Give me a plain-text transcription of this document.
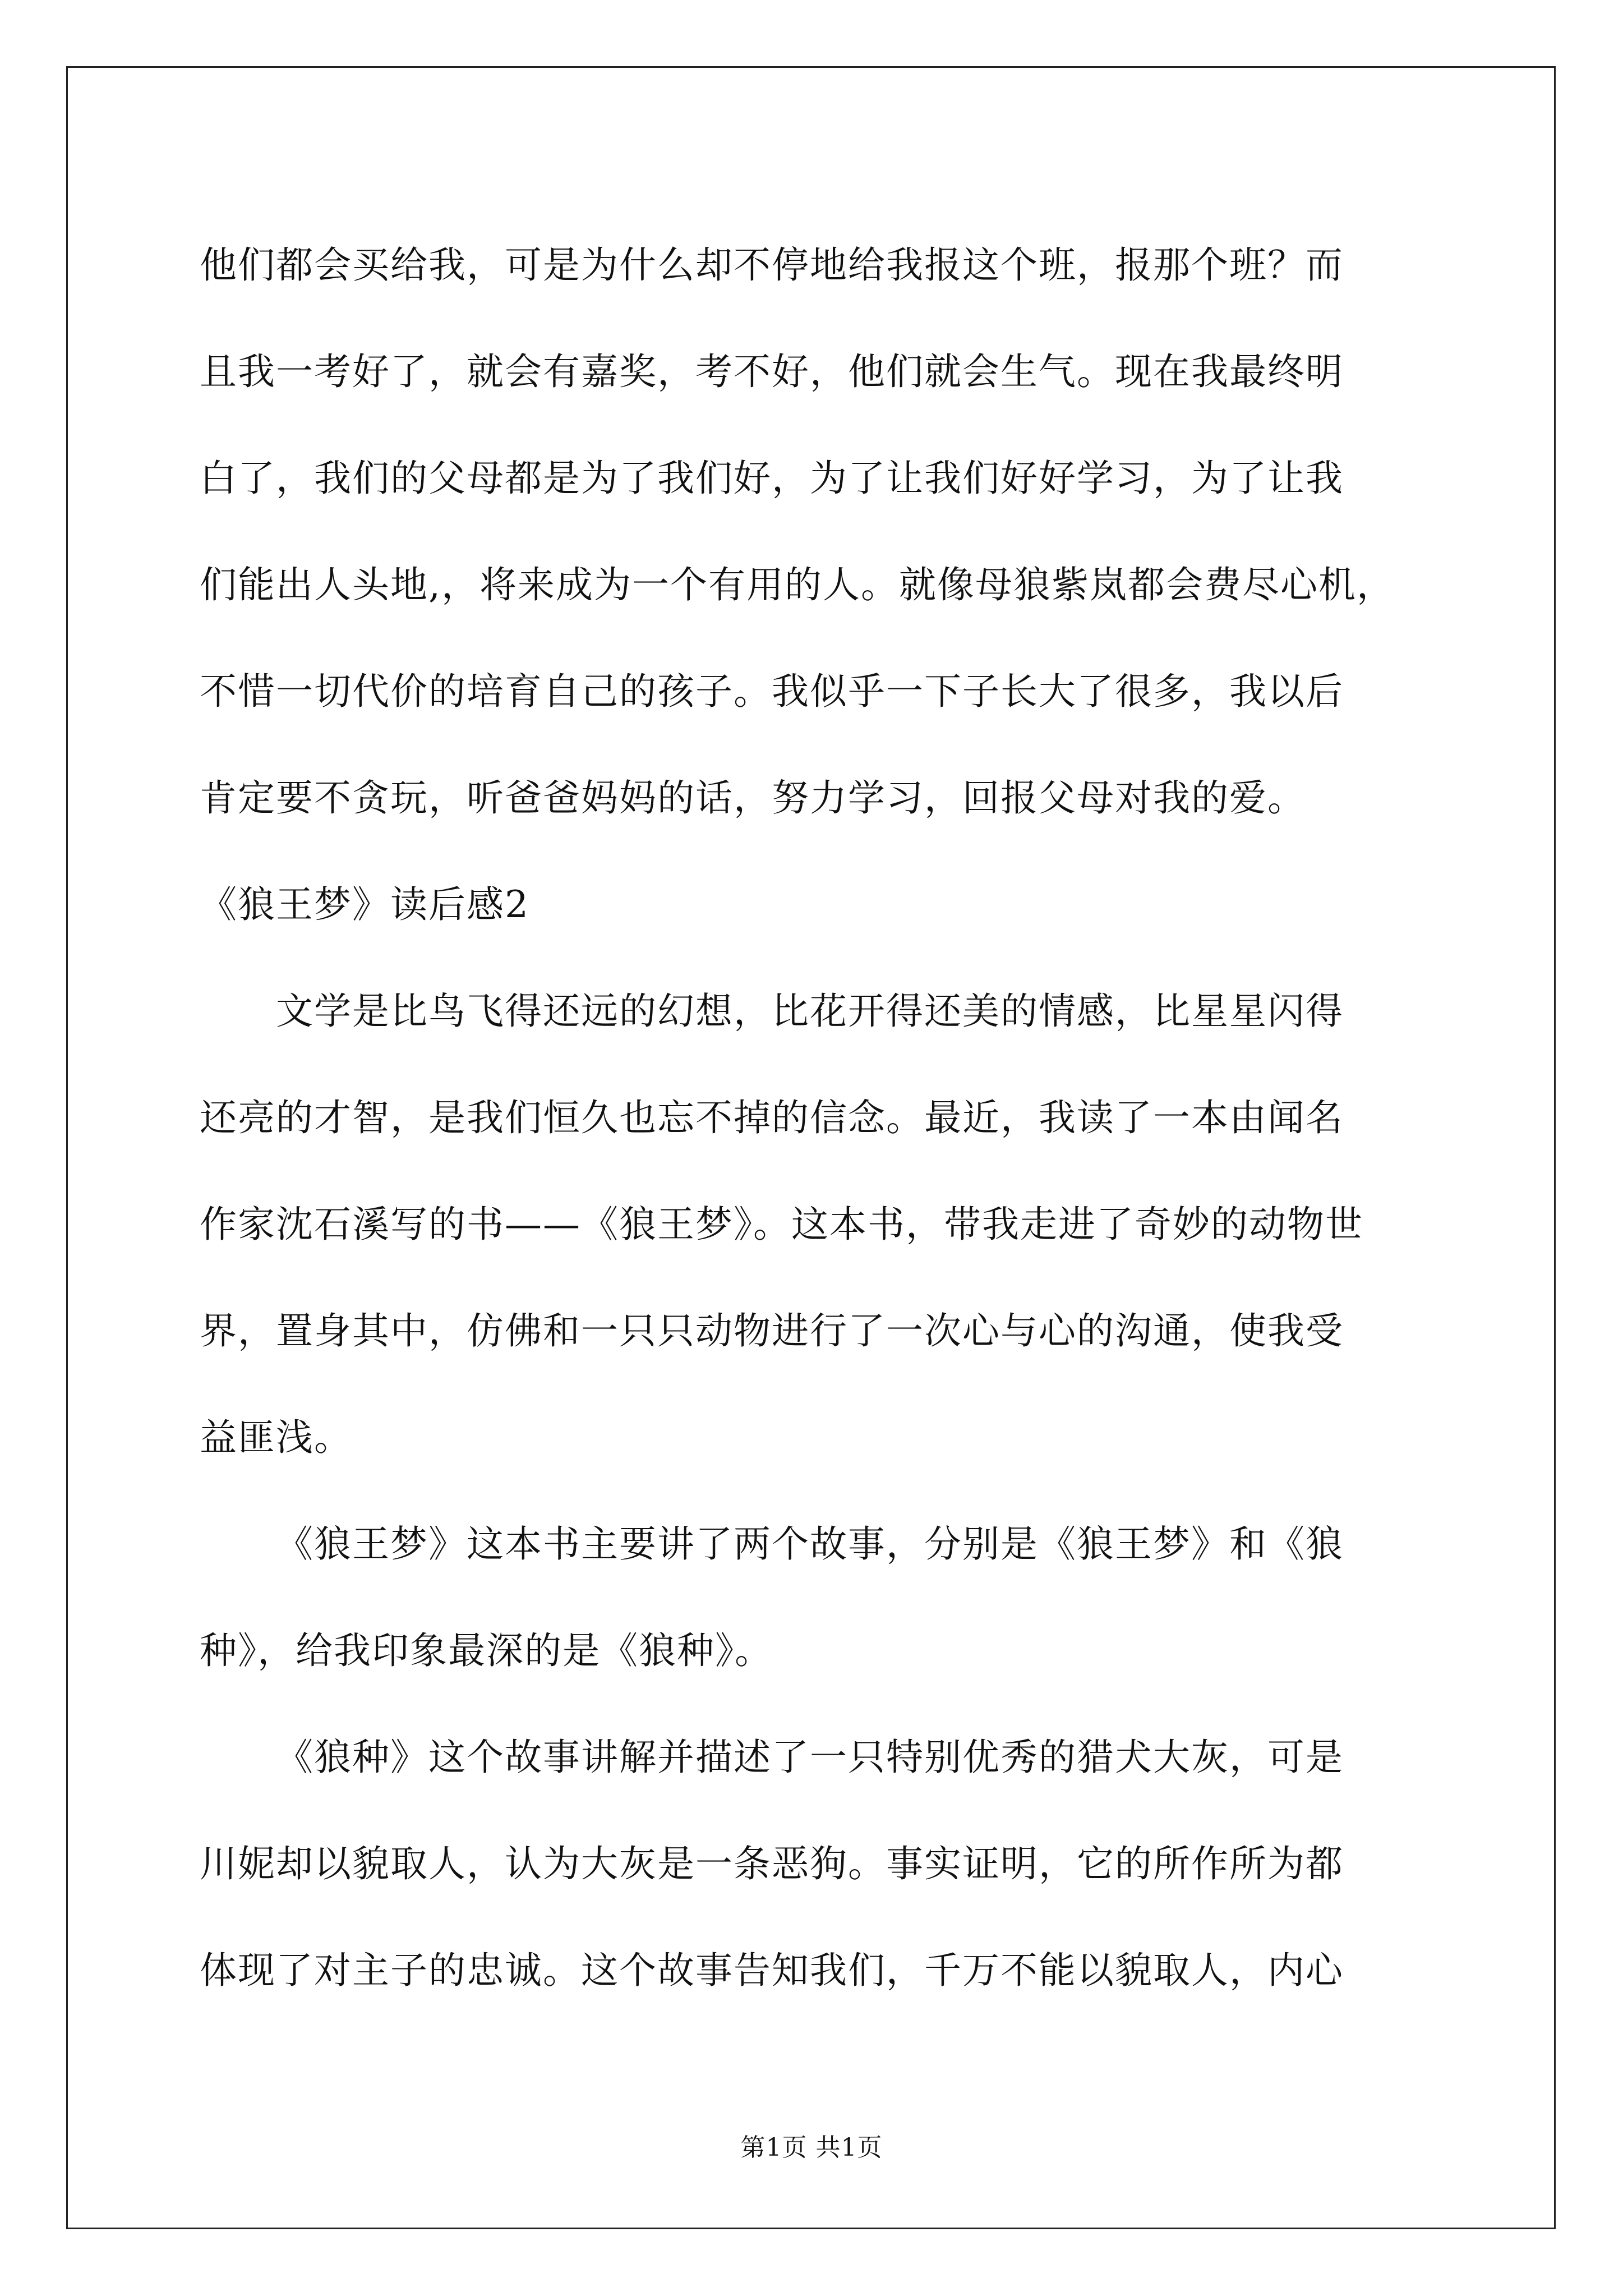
他们都会买给我，可是为什么却不停地给我报这个班，报那个班？而
且我一考好了，就会有嘉奖，考不好，他们就会生气。现在我最终明
白了，我们的父母都是为了我们好，为了让我们好好学习，为了让我
们能出人头地,，将来成为一个有用的人。就像母狼紫岚都会费尽心机，
不惜一切代价的培育自己的孩子。我似乎一下子长大了很多，我以后
肯定要不贪玩，听爸爸妈妈的话，努力学习，回报父母对我的爱。
《狼王梦》读后感2
文学是比鸟飞得还远的幻想，比花开得还美的情感，比星星闪得
还亮的才智，是我们恒久也忘不掉的信念。最近，我读了一本由闻名
作家沈石溪写的书——《狼王梦》。这本书，带我走进了奇妙的动物世
界，置身其中，仿佛和一只只动物进行了一次心与心的沟通，使我受
益匪浅。
《狼王梦》这本书主要讲了两个故事，分别是《狼王梦》和《狼
种》，给我印象最深的是《狼种》。
《狼种》这个故事讲解并描述了一只特别优秀的猎犬大灰，可是
川妮却以貌取人，认为大灰是一条恶狗。事实证明，它的所作所为都
体现了对主子的忠诚。这个故事告知我们，千万不能以貌取人，内心
第1页 共1页
